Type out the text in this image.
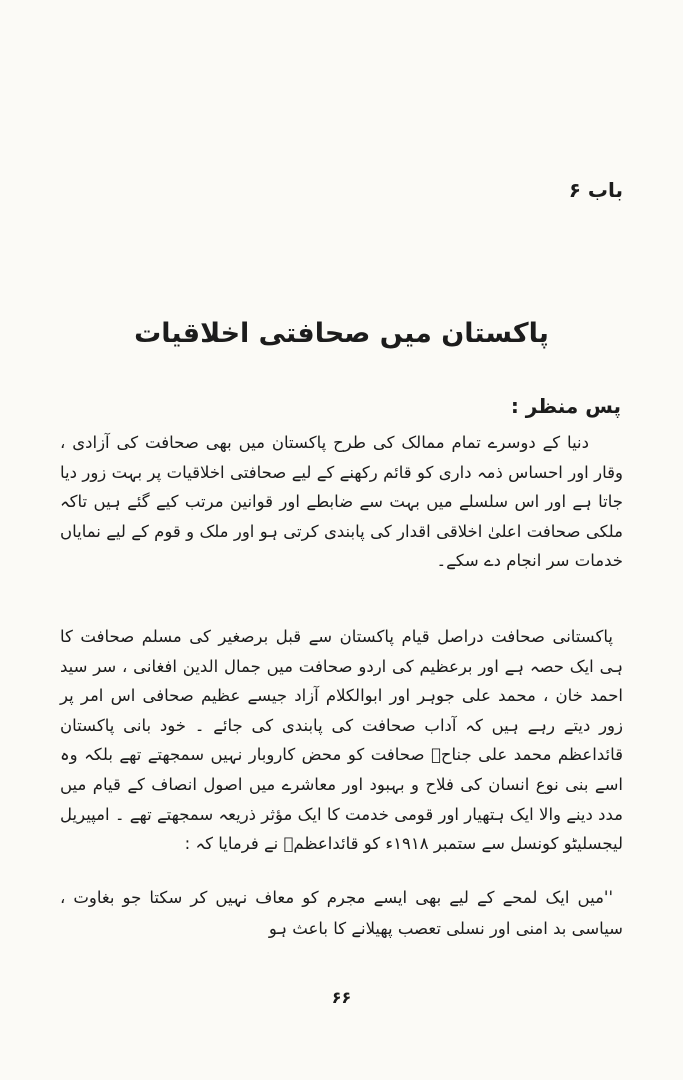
باب ۶
پاکستان میں صحافتی اخلاقیات
پس منظر :
دنیا کے دوسرے تمام ممالک کی طرح پاکستان میں بھی صحافت کی آزادی ، وقار اور احساس ذمہ داری کو قائم رکھنے کے لیے صحافتی اخلاقیات پر بہت زور دیا جاتا ہے اور اس سلسلے میں بہت سے ضابطے اور قوانین مرتب کیے گئے ہیں تاکہ ملکی صحافت اعلیٰ اخلاقی اقدار کی پابندی کرتی ہو اور ملک و قوم کے لیے نمایاں خدمات سر انجام دے سکے۔
پاکستانی صحافت دراصل قیام پاکستان سے قبل برصغیر کی مسلم صحافت کا ہی ایک حصہ ہے اور برعظیم کی اردو صحافت میں جمال الدین افغانی ، سر سید احمد خان ، محمد علی جوہر اور ابوالکلام آزاد جیسے عظیم صحافی اس امر پر زور دیتے رہے ہیں کہ آداب صحافت کی پابندی کی جائے ۔ خود بانی پاکستان قائداعظم محمد علی جناحؒ صحافت کو محض کاروبار نہیں سمجھتے تھے بلکہ وہ اسے بنی نوع انسان کی فلاح و بہبود اور معاشرے میں اصول انصاف کے قیام میں مدد دینے والا ایک ہتھیار اور قومی خدمت کا ایک مؤثر ذریعہ سمجھتے تھے ۔ امپیریل لیجسلیٹو کونسل سے ستمبر ۱۹۱۸ء کو قائداعظمؒ نے فرمایا کہ :
''میں ایک لمحے کے لیے بھی ایسے مجرم کو معاف نہیں کر سکتا جو بغاوت ، سیاسی بد امنی اور نسلی تعصب پھیلانے کا باعث ہو
۶۶
